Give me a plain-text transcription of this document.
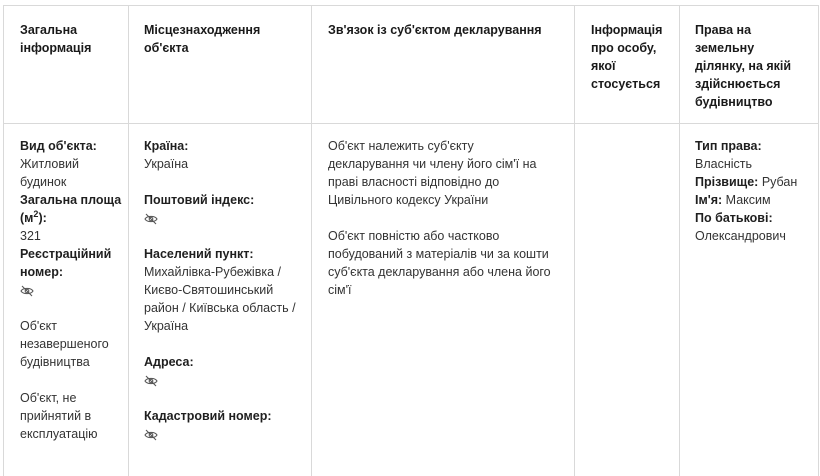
Загальна інформація
Місцезнаходження об'єкта
Зв'язок із суб'єктом декларування	Інформація про особу, якої стосується
Права на земельну ділянку, на якій здійснюється будівництво
Вид об'єкта:
Житловий будинок
Загальна площа $(м^2)$:
321
Реєстраційний номер:
Об'єкт незавершеного будівництва
Об'єкт, не прийнятий в експлуатацію
Країна:
Україна
Поштовий індекс:
Населений пункт:
Михайлівка-Рубежівка / Києво-Святошинський район / Київська область / Україна
Адреса:
Кадастровий номер:
Об'єкт належить суб'єкту декларування чи члену його сім'ї на праві власності відповідно до Цивільного кодексу України
Об'єкт повністю або частково побудований з матеріалів чи за кошти суб'єкта декларування або члена його сім'ї
Тип права:
Власність
Прізвище: Рубан
Ім'я: Максим
По батькові:
Олександрович
